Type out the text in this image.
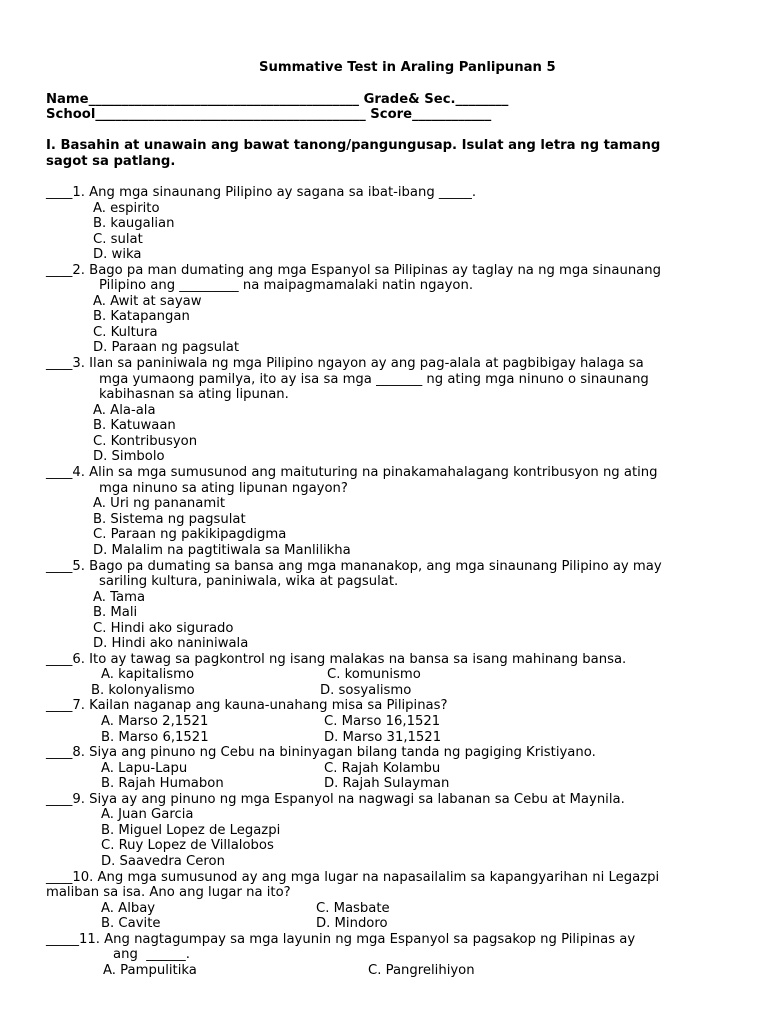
Summative Test in Araling Panlipunan 5
Name_________________________________________ Grade& Sec.________
School_________________________________________ Score____________
I. Basahin at unawain ang bawat tanong/pangungusap. Isulat ang letra ng tamang
sagot sa patlang.
____1. Ang mga sinaunang Pilipino ay sagana sa ibat-ibang _____.
A. espirito
B. kaugalian
C. sulat
D. wika
____2. Bago pa man dumating ang mga Espanyol sa Pilipinas ay taglay na ng mga sinaunang
Pilipino ang _________ na maipagmamalaki natin ngayon.
A. Awit at sayaw
B. Katapangan
C. Kultura
D. Paraan ng pagsulat
____3. Ilan sa paniniwala ng mga Pilipino ngayon ay ang pag-alala at pagbibigay halaga sa
mga yumaong pamilya, ito ay isa sa mga _______ ng ating mga ninuno o sinaunang
kabihasnan sa ating lipunan.
A. Ala-ala
B. Katuwaan
C. Kontribusyon
D. Simbolo
____4. Alin sa mga sumusunod ang maituturing na pinakamahalagang kontribusyon ng ating
mga ninuno sa ating lipunan ngayon?
A. Uri ng pananamit
B. Sistema ng pagsulat
C. Paraan ng pakikipagdigma
D. Malalim na pagtitiwala sa Manlilikha
____5. Bago pa dumating sa bansa ang mga mananakop, ang mga sinaunang Pilipino ay may
sariling kultura, paniniwala, wika at pagsulat.
A. Tama
B. Mali
C. Hindi ako sigurado
D. Hindi ako naniniwala
____6. Ito ay tawag sa pagkontrol ng isang malakas na bansa sa isang mahinang bansa.
A. kapitalismo	C. komunismo
B. kolonyalismo	D. sosyalismo
____7. Kailan naganap ang kauna-unahang misa sa Pilipinas?
A. Marso 2,1521	C. Marso 16,1521
B. Marso 6,1521	D. Marso 31,1521
____8. Siya ang pinuno ng Cebu na bininyagan bilang tanda ng pagiging Kristiyano.
A. Lapu-Lapu	C. Rajah Kolambu
B. Rajah Humabon	D. Rajah Sulayman
____9. Siya ay ang pinuno ng mga Espanyol na nagwagi sa labanan sa Cebu at Maynila.
A. Juan Garcia
B. Miguel Lopez de Legazpi
C. Ruy Lopez de Villalobos
D. Saavedra Ceron
____10. Ang mga sumusunod ay ang mga lugar na napasailalim sa kapangyarihan ni Legazpi
maliban sa isa. Ano ang lugar na ito?
A. Albay	C. Masbate
B. Cavite	D. Mindoro
_____11. Ang nagtagumpay sa mga layunin ng mga Espanyol sa pagsakop ng Pilipinas ay
ang  ______.
A. Pampulitika	C. Pangrelihiyon
